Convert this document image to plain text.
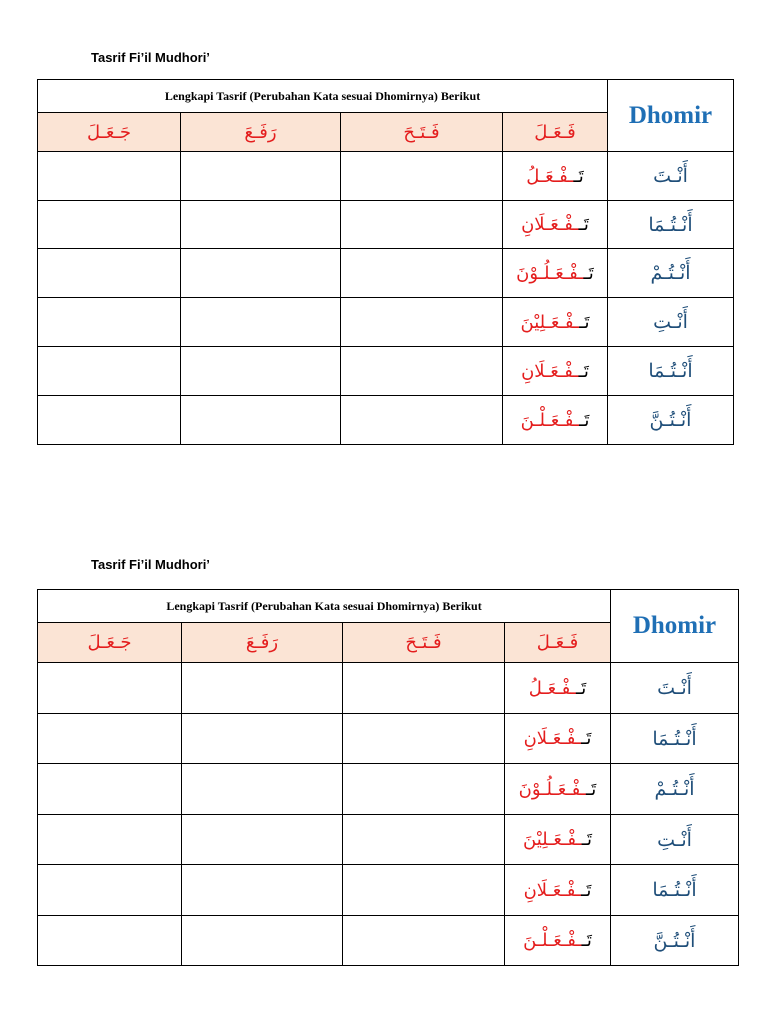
Tasrif Fi’il Mudhori’
Lengkapi Tasrif (Perubahan Kata sesuai Dhomirnya) Berikut				Dhomir
جَـعَـلَ	رَفَـعَ	فَـتَـحَ	فَـعَـلَ	
			تَــفْـعَـلُ	أَنْـتَ
			تَــفْـعَـلَانِ	أَنْـتُـمَا
			تَــفْـعَـلُـوْنَ	أَنْـتُـمْ
			تَــفْـعَـلِيْنَ	أَنْـتِ
			تَــفْـعَـلَانِ	أَنْـتُـمَا
			تَــفْـعَـلْـنَ	أَنْـتُـنَّ
Tasrif Fi’il Mudhori’
Lengkapi Tasrif (Perubahan Kata sesuai Dhomirnya) Berikut				Dhomir
جَـعَـلَ	رَفَـعَ	فَـتَـحَ	فَـعَـلَ	
			تَــفْـعَـلُ	أَنْـتَ
			تَــفْـعَـلَانِ	أَنْـتُـمَا
			تَــفْـعَـلُـوْنَ	أَنْـتُـمْ
			تَــفْـعَـلِيْنَ	أَنْـتِ
			تَــفْـعَـلَانِ	أَنْـتُـمَا
			تَــفْـعَـلْـنَ	أَنْـتُـنَّ
